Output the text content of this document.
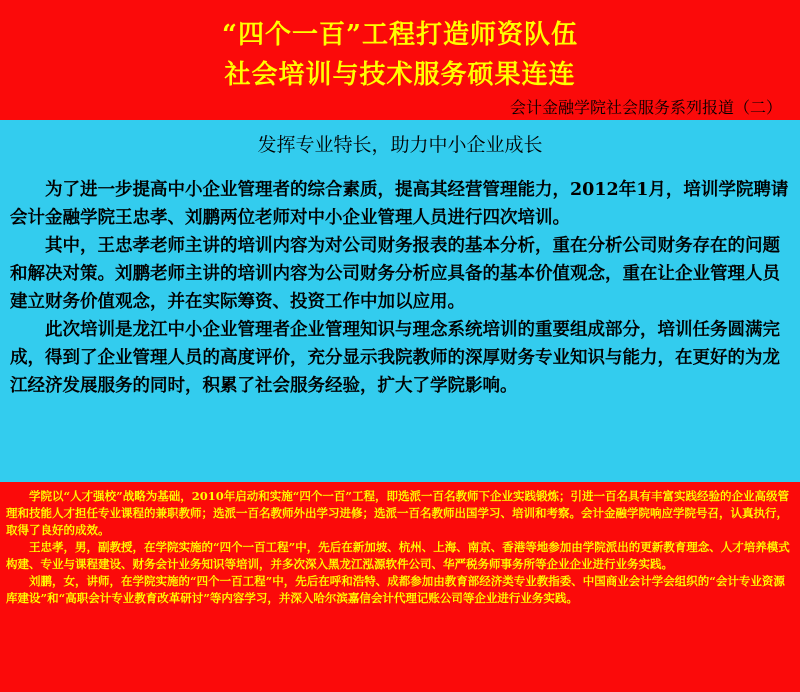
“四个一百”工程打造师资队伍
社会培训与技术服务硕果连连
会计金融学院社会服务系列报道（二）
发挥专业特长，助力中小企业成长

为了进一步提高中小企业管理者的综合素质，提高其经营管理能力，2012年1月，培训学院聘请会计金融学院王忠孝、刘鹏两位老师对中小企业管理人员进行四次培训。

其中，王忠孝老师主讲的培训内容为对公司财务报表的基本分析，重在分析公司财务存在的问题和解决对策。刘鹏老师主讲的培训内容为公司财务分析应具备的基本价值观念，重在让企业管理人员建立财务价值观念，并在实际筹资、投资工作中加以应用。

此次培训是龙江中小企业管理者企业管理知识与理念系统培训的重要组成部分，培训任务圆满完成，得到了企业管理人员的高度评价，充分显示我院教师的深厚财务专业知识与能力，在更好的为龙江经济发展服务的同时，积累了社会服务经验，扩大了学院影响。

学院以“人才强校”战略为基础，2010年启动和实施“四个一百”工程，即选派一百名教师下企业实践锻炼；引进一百名具有丰富实践经验的企业高级管理和技能人才担任专业课程的兼职教师；选派一百名教师外出学习进修；选派一百名教师出国学习、培训和考察。会计金融学院响应学院号召，认真执行，取得了良好的成效。

王忠孝，男，副教授，在学院实施的“四个一百工程”中，先后在新加坡、杭州、上海、南京、香港等地参加由学院派出的更新教育理念、人才培养模式构建、专业与课程建设、财务会计业务知识等培训，并多次深入黑龙江泓源软件公司、华严税务师事务所等企业企业进行业务实践。

刘鹏，女，讲师，在学院实施的“四个一百工程”中，先后在呼和浩特、成都参加由教育部经济类专业教指委、中国商业会计学会组织的“会计专业资源库建设”和“高职会计专业教育改革研讨”等内容学习，并深入哈尔滨嘉信会计代理记账公司等企业进行业务实践。
